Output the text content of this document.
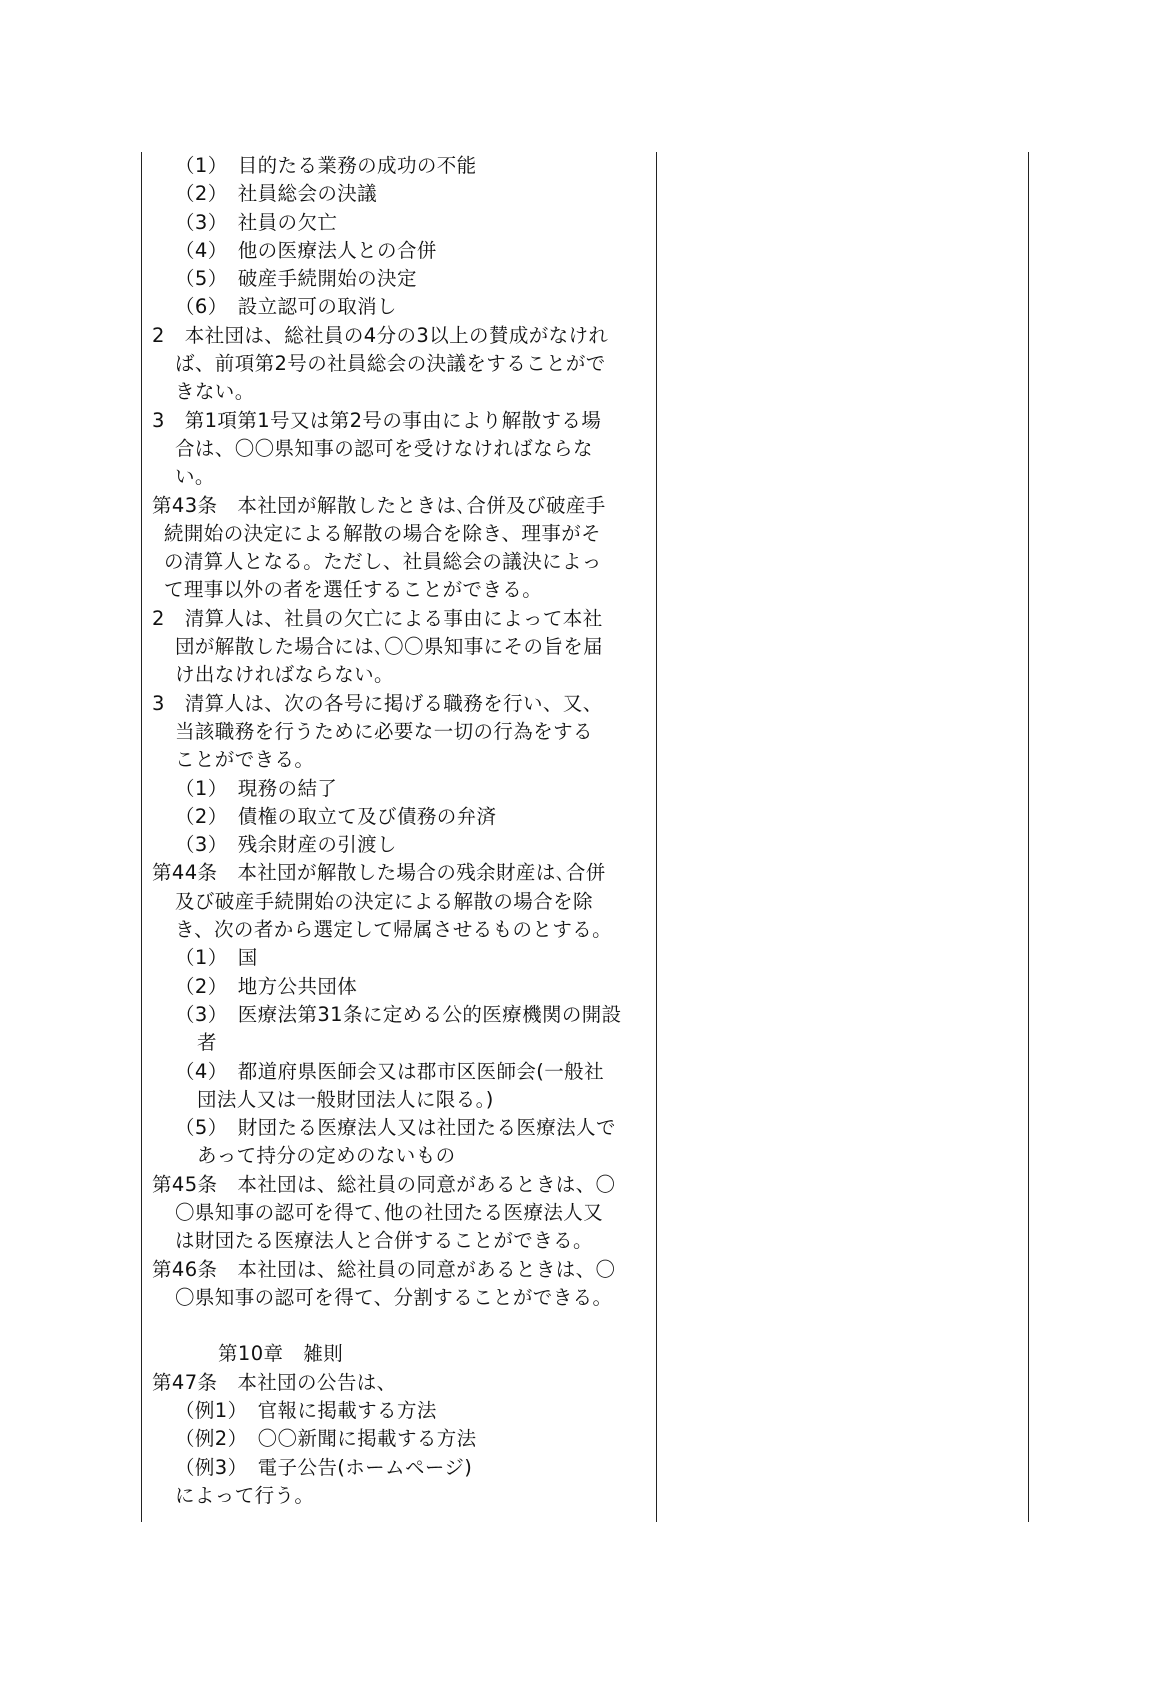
（1）　目的たる業務の成功の不能
（2）　社員総会の決議
（3）　社員の欠亡
（4）　他の医療法人との合併
（5）　破産手続開始の決定
（6）　設立認可の取消し
2　本社団は、総社員の4分の3以上の賛成がなけれ
ば、前項第2号の社員総会の決議をすることがで
きない。
3　第1項第1号又は第2号の事由により解散する場
合は、〇〇県知事の認可を受けなければならな
い。
第43条　本社団が解散したときは､合併及び破産手
続開始の決定による解散の場合を除き、理事がそ
の清算人となる。ただし、社員総会の議決によっ
て理事以外の者を選任することができる。
2　清算人は、社員の欠亡による事由によって本社
団が解散した場合には､〇〇県知事にその旨を届
け出なければならない。
3　清算人は、次の各号に掲げる職務を行い、又、
当該職務を行うために必要な一切の行為をする
ことができる。
（1）　現務の結了
（2）　債権の取立て及び債務の弁済
（3）　残余財産の引渡し
第44条　本社団が解散した場合の残余財産は､合併
及び破産手続開始の決定による解散の場合を除
き、次の者から選定して帰属させるものとする。
（1）　国
（2）　地方公共団体
（3）　医療法第31条に定める公的医療機関の開設
者
（4）　都道府県医師会又は郡市区医師会(一般社
団法人又は一般財団法人に限る。)
（5）　財団たる医療法人又は社団たる医療法人で
あって持分の定めのないもの
第45条　本社団は、総社員の同意があるときは、〇
〇県知事の認可を得て､他の社団たる医療法人又
は財団たる医療法人と合併することができる。
第46条　本社団は、総社員の同意があるときは、〇
〇県知事の認可を得て、分割することができる。
第10章　雑則
第47条　本社団の公告は、
（例1）　官報に掲載する方法
（例2）　〇〇新聞に掲載する方法
（例3）　電子公告(ホームページ)
によって行う。
